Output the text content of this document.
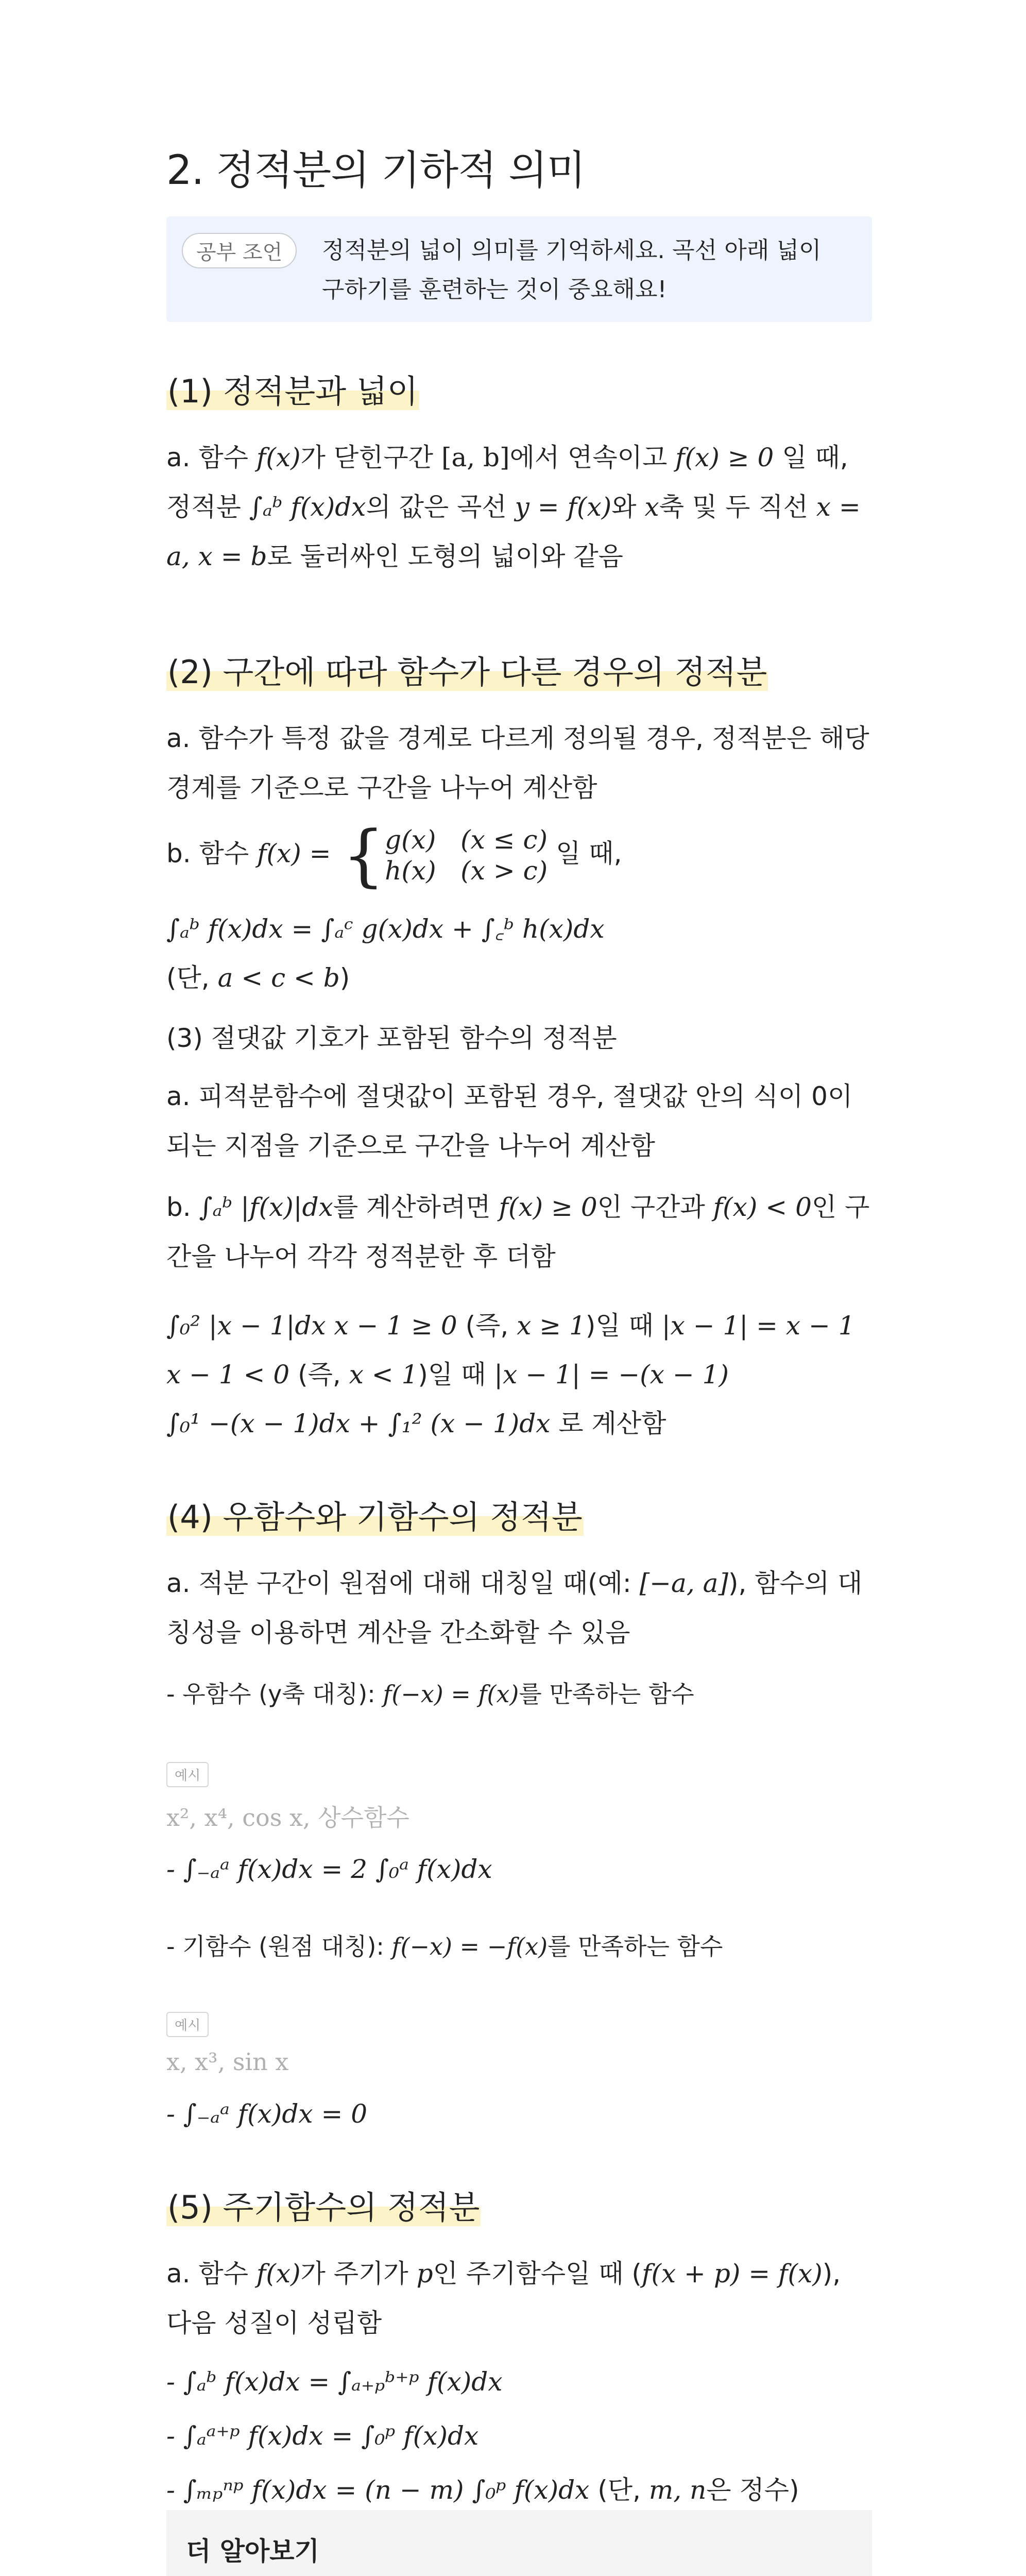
2. 정적분의 기하적 의미
공부 조언	정적분의 넓이 의미를 기억하세요. 곡선 아래 넓이 구하기를 훈련하는 것이 중요해요!
(1) 정적분과 넓이
a. 함수 f(x)가 닫힌구간 [a, b]에서 연속이고 f(x) ≥ 0 일 때, 정적분 ∫ₐᵇ f(x)dx의 값은 곡선 y = f(x)와 x축 및 두 직선 x = a, x = b로 둘러싸인 도형의 넓이와 같음
(2) 구간에 따라 함수가 다른 경우의 정적분
a. 함수가 특정 값을 경계로 다르게 정의될 경우, 정적분은 해당 경계를 기준으로 구간을 나누어 계산함
b. 함수 f(x) = { g(x) (x ≤ c)
h(x) (x > c)
일 때,
∫ₐᵇ f(x)dx = ∫ₐᶜ g(x)dx + ∫꜀ᵇ h(x)dx
(단, a < c < b)
(3) 절댓값 기호가 포함된 함수의 정적분
a. 피적분함수에 절댓값이 포함된 경우, 절댓값 안의 식이 0이 되는 지점을 기준으로 구간을 나누어 계산함
b. ∫ₐᵇ |f(x)|dx를 계산하려면 f(x) ≥ 0인 구간과 f(x) < 0인 구간을 나누어 각각 정적분한 후 더함
∫₀² |x − 1|dx x − 1 ≥ 0 (즉, x ≥ 1)일 때 |x − 1| = x − 1
x − 1 < 0 (즉, x < 1)일 때 |x − 1| = −(x − 1)
∫₀¹ −(x − 1)dx + ∫₁² (x − 1)dx 로 계산함
(4) 우함수와 기함수의 정적분
a. 적분 구간이 원점에 대해 대칭일 때(예: [−a, a]), 함수의 대칭성을 이용하면 계산을 간소화할 수 있음
- 우함수 (y축 대칭): f(−x) = f(x)를 만족하는 함수
예시
x², x⁴, cos x, 상수함수
- ∫₋ₐᵃ f(x)dx = 2 ∫₀ᵃ f(x)dx
- 기함수 (원점 대칭): f(−x) = −f(x)를 만족하는 함수
예시
x, x³, sin x
- ∫₋ₐᵃ f(x)dx = 0
(5) 주기함수의 정적분
a. 함수 f(x)가 주기가 p인 주기함수일 때 (f(x + p) = f(x)), 다음 성질이 성립함
- ∫ₐᵇ f(x)dx = ∫ₐ₊ₚᵇ⁺ᵖ f(x)dx
- ∫ₐᵃ⁺ᵖ f(x)dx = ∫₀ᵖ f(x)dx
- ∫ₘₚⁿᵖ f(x)dx = (n − m) ∫₀ᵖ f(x)dx (단, m, n은 정수)
더 알아보기
